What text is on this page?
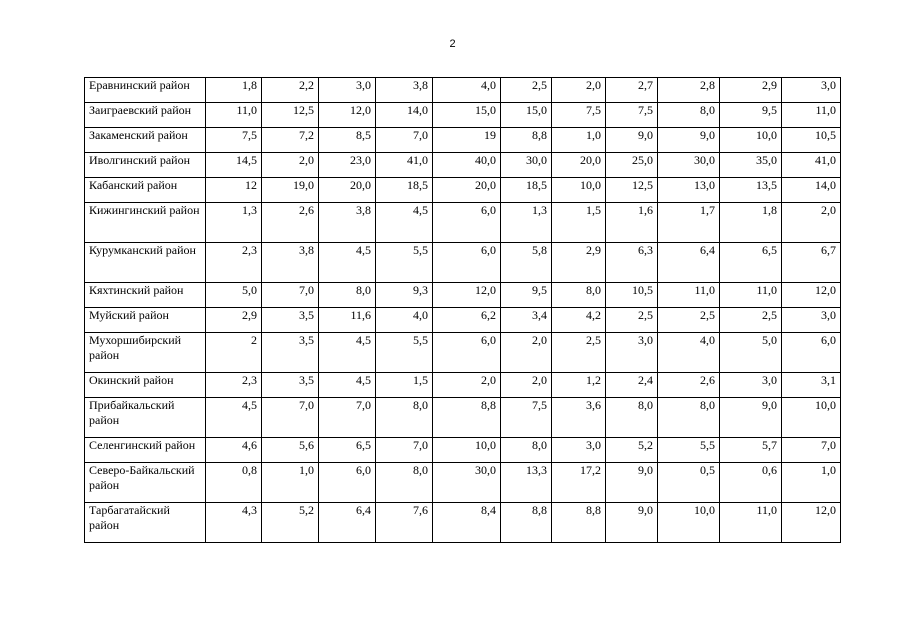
2
Еравнинский район	1,8	2,2	3,0	3,8	4,0	2,5	2,0	2,7	2,8	2,9	3,0
Заиграевский район	11,0	12,5	12,0	14,0	15,0	15,0	7,5	7,5	8,0	9,5	11,0
Закаменский район	7,5	7,2	8,5	7,0	19	8,8	1,0	9,0	9,0	10,0	10,5
Иволгинский район	14,5	2,0	23,0	41,0	40,0	30,0	20,0	25,0	30,0	35,0	41,0
Кабанский район	12	19,0	20,0	18,5	20,0	18,5	10,0	12,5	13,0	13,5	14,0
Кижингинский район	1,3	2,6	3,8	4,5	6,0	1,3	1,5	1,6	1,7	1,8	2,0
Курумканский район	2,3	3,8	4,5	5,5	6,0	5,8	2,9	6,3	6,4	6,5	6,7
Кяхтинский район	5,0	7,0	8,0	9,3	12,0	9,5	8,0	10,5	11,0	11,0	12,0
Муйский район	2,9	3,5	11,6	4,0	6,2	3,4	4,2	2,5	2,5	2,5	3,0
Мухоршибирский район	2	3,5	4,5	5,5	6,0	2,0	2,5	3,0	4,0	5,0	6,0
Окинский район	2,3	3,5	4,5	1,5	2,0	2,0	1,2	2,4	2,6	3,0	3,1
Прибайкальский район	4,5	7,0	7,0	8,0	8,8	7,5	3,6	8,0	8,0	9,0	10,0
Селенгинский район	4,6	5,6	6,5	7,0	10,0	8,0	3,0	5,2	5,5	5,7	7,0
Северо-Байкальский район	0,8	1,0	6,0	8,0	30,0	13,3	17,2	9,0	0,5	0,6	1,0
Тарбагатайский район	4,3	5,2	6,4	7,6	8,4	8,8	8,8	9,0	10,0	11,0	12,0
